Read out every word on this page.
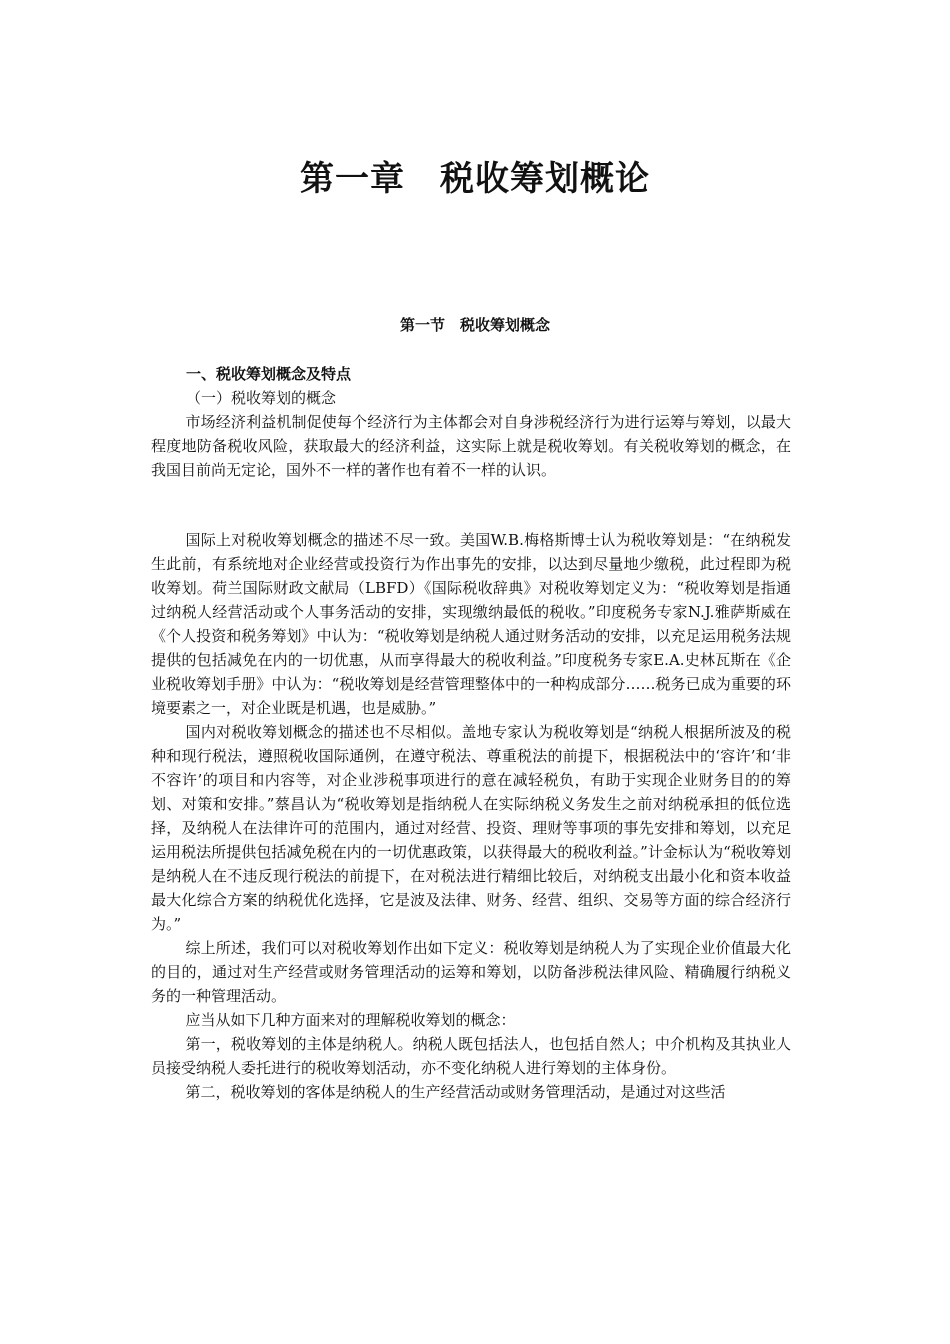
第一章　税收筹划概论
第一节　税收筹划概念
一、税收筹划概念及特点
（一）税收筹划的概念

市场经济利益机制促使每个经济行为主体都会对自身涉税经济行为进行运筹与筹划，以最大程度地防备税收风险，获取最大的经济利益，这实际上就是税收筹划。有关税收筹划的概念，在我国目前尚无定论，国外不一样的著作也有着不一样的认识。

国际上对税收筹划概念的描述不尽一致。美国W.B.梅格斯博士认为税收筹划是：“在纳税发生此前，有系统地对企业经营或投资行为作出事先的安排，以达到尽量地少缴税，此过程即为税收筹划。荷兰国际财政文献局（LBFD）《国际税收辞典》对税收筹划定义为：“税收筹划是指通过纳税人经营活动或个人事务活动的安排，实现缴纳最低的税收。”印度税务专家N.J.雅萨斯威在《个人投资和税务筹划》中认为：“税收筹划是纳税人通过财务活动的安排，以充足运用税务法规提供的包括减免在内的一切优惠，从而享得最大的税收利益。”印度税务专家E.A.史林瓦斯在《企业税收筹划手册》中认为：“税收筹划是经营管理整体中的一种构成部分……税务已成为重要的环境要素之一，对企业既是机遇，也是威胁。”

国内对税收筹划概念的描述也不尽相似。盖地专家认为税收筹划是“纳税人根据所波及的税种和现行税法，遵照税收国际通例，在遵守税法、尊重税法的前提下，根据税法中的‘容许’和‘非不容许’的项目和内容等，对企业涉税事项进行的意在减轻税负，有助于实现企业财务目的的筹划、对策和安排。”蔡昌认为“税收筹划是指纳税人在实际纳税义务发生之前对纳税承担的低位选择，及纳税人在法律许可的范围内，通过对经营、投资、理财等事项的事先安排和筹划，以充足运用税法所提供包括减免税在内的一切优惠政策，以获得最大的税收利益。”计金标认为“税收筹划是纳税人在不违反现行税法的前提下，在对税法进行精细比较后，对纳税支出最小化和资本收益最大化综合方案的纳税优化选择，它是波及法律、财务、经营、组织、交易等方面的综合经济行为。”

综上所述，我们可以对税收筹划作出如下定义：税收筹划是纳税人为了实现企业价值最大化的目的，通过对生产经营或财务管理活动的运筹和筹划，以防备涉税法律风险、精确履行纳税义务的一种管理活动。

应当从如下几种方面来对的理解税收筹划的概念：

第一，税收筹划的主体是纳税人。纳税人既包括法人，也包括自然人；中介机构及其执业人员接受纳税人委托进行的税收筹划活动，亦不变化纳税人进行筹划的主体身份。

第二，税收筹划的客体是纳税人的生产经营活动或财务管理活动，是通过对这些活
